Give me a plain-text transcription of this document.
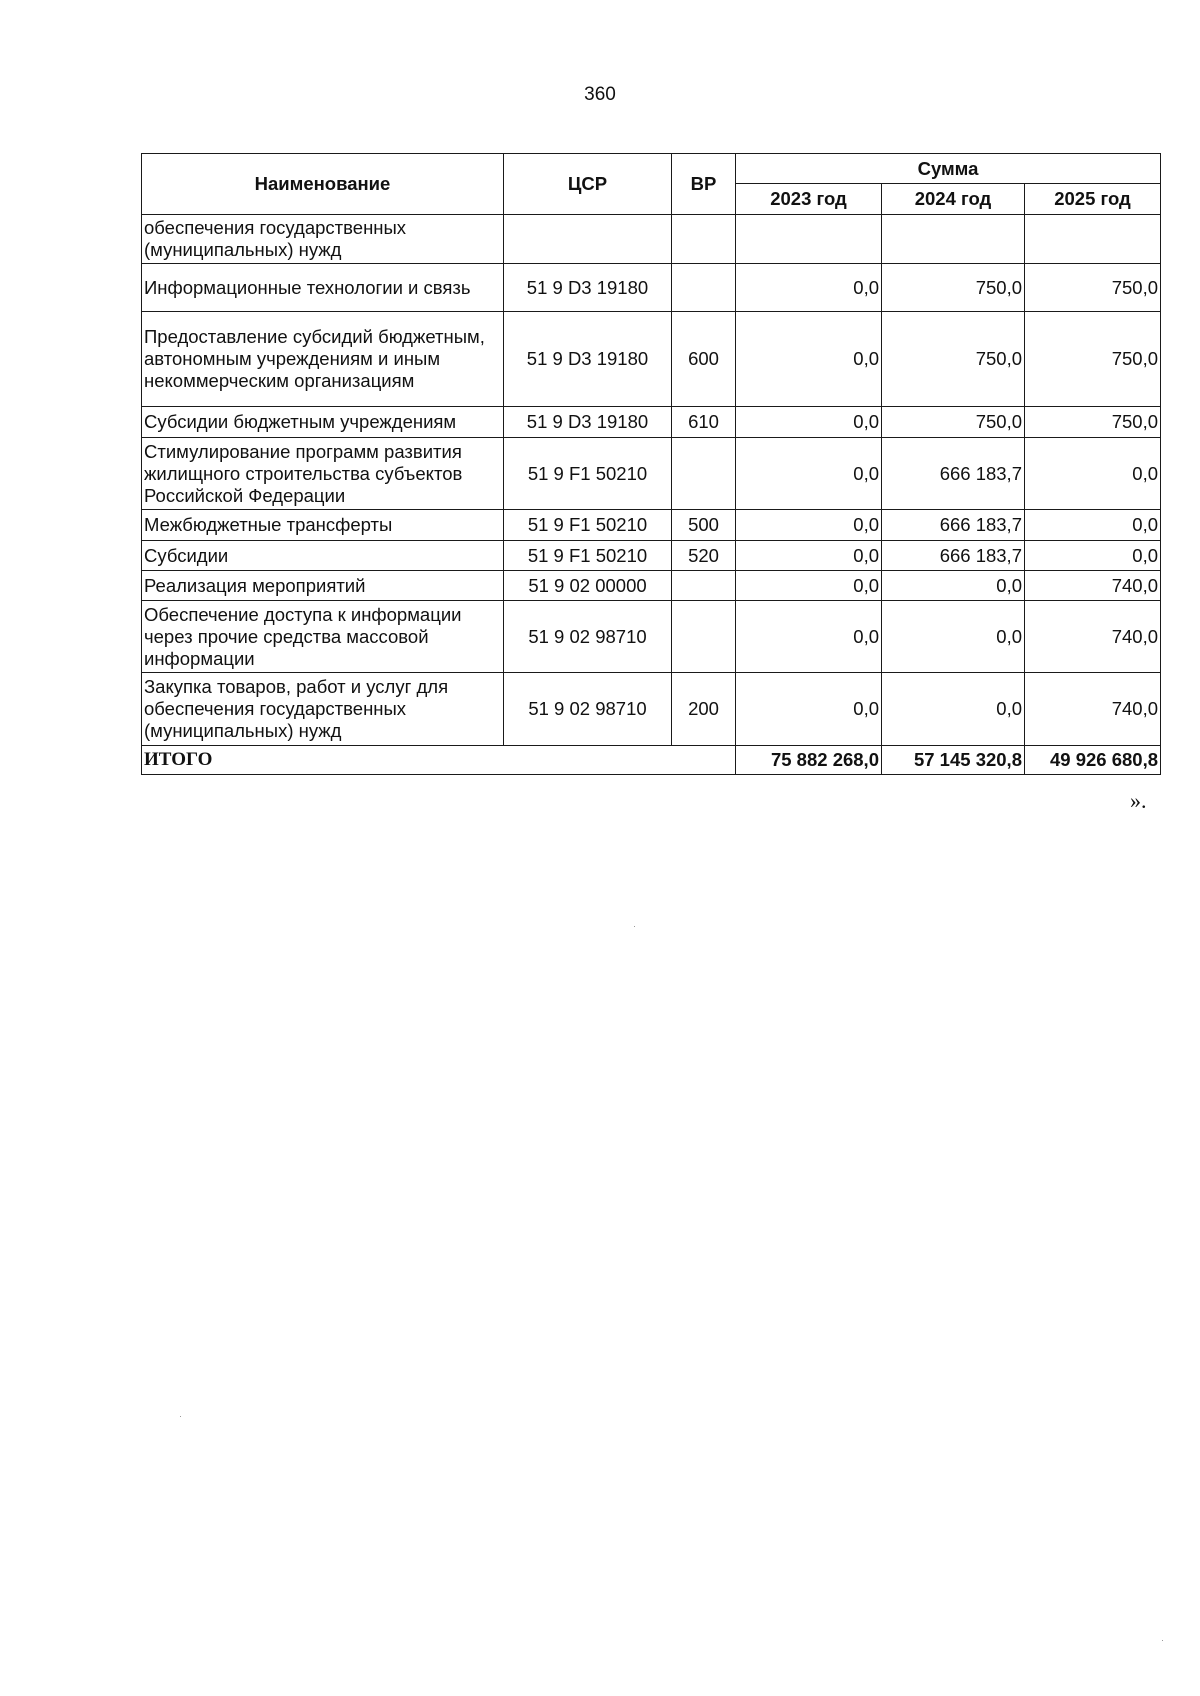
360
Наименование	ЦСР	ВР	Сумма		
			2023 год	2024 год	2025 год
обеспечения государственных (муниципальных) нужд					
Информационные технологии и связь	51 9 D3 19180		0,0	750,0	750,0
Предоставление субсидий бюджетным, автономным учреждениям и иным некоммерческим организациям	51 9 D3 19180	600	0,0	750,0	750,0
Субсидии бюджетным учреждениям	51 9 D3 19180	610	0,0	750,0	750,0
Стимулирование программ развития жилищного строительства субъектов Российской Федерации	51 9 F1 50210		0,0	666 183,7	0,0
Межбюджетные трансферты	51 9 F1 50210	500	0,0	666 183,7	0,0
Субсидии	51 9 F1 50210	520	0,0	666 183,7	0,0
Реализация мероприятий	51 9 02 00000		0,0	0,0	740,0
Обеспечение доступа к информации через прочие средства массовой информации	51 9 02 98710		0,0	0,0	740,0
Закупка товаров, работ и услуг для обеспечения государственных (муниципальных) нужд	51 9 02 98710	200	0,0	0,0	740,0
ИТОГО			75 882 268,0	57 145 320,8	49 926 680,8
».
